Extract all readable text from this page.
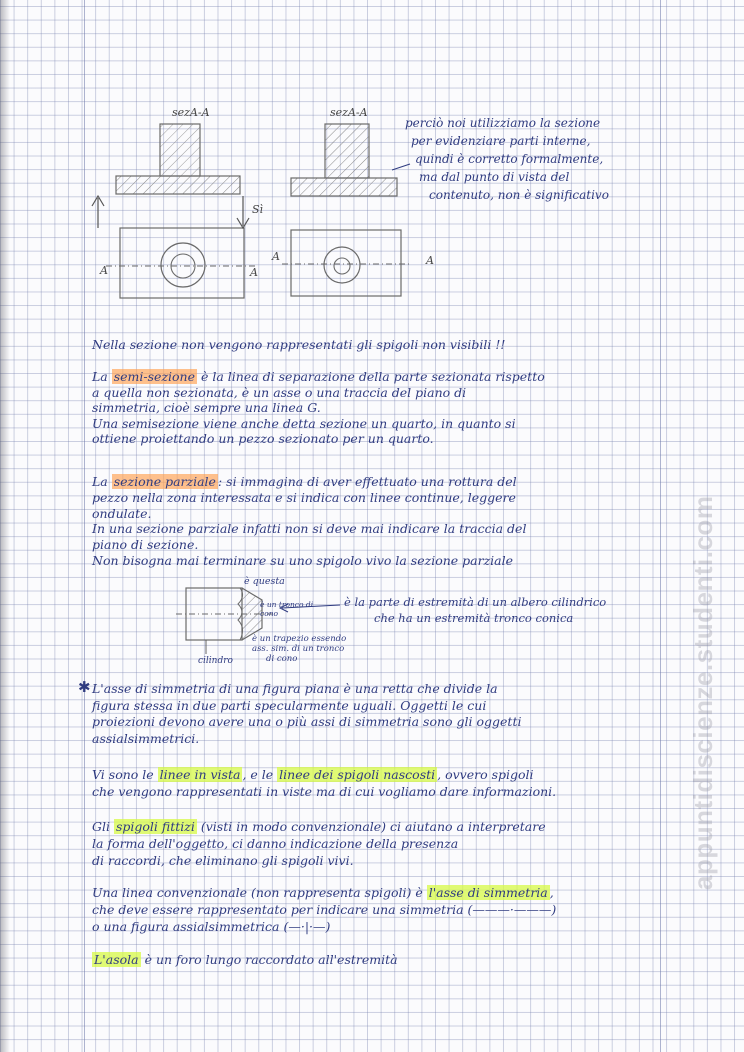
sezA-A	sezA-A
Sì
A	A
A	A
perciò noi utilizziamo la sezione
per evidenziare parti interne,
quindi è corretto formalmente,
ma dal punto di vista del
contenuto, non è significativo

Nella sezione non vengono rappresentati gli spigoli non visibili !!

La semi-sezione è la linea di separazione della parte sezionata rispetto
a quella non sezionata, è un asse o una traccia del piano di
simmetria, cioè sempre una linea G.
Una semisezione viene anche detta sezione un quarto, in quanto si
ottiene proiettando un pezzo sezionato per un quarto.
La sezione parziale : si immagina di aver effettuato una rottura del
pezzo nella zona interessata e si indica con linee continue, leggere
ondulate.
In una sezione parziale infatti non si deve mai indicare la traccia del
piano di sezione.
Non bisogna mai terminare su uno spigolo vivo la sezione parziale
è questa
è un tronco di cono
cilindro
è un trapezio essendo
ass. sim. di un tronco
di cono
è la parte di estremità di un albero cilindrico
che ha un estremità tronco conica
✱ L'asse di simmetria di una figura piana è una retta che divide la
figura stessa in due parti specularmente uguali. Oggetti le cui
proiezioni devono avere una o più assi di simmetria sono gli oggetti
assialsimmetrici.
Vi sono le linee in vista , e le linee dei spigoli nascosti , ovvero spigoli
che vengono rappresentati in viste ma di cui vogliamo dare informazioni.
Gli spigoli fittizi (visti in modo convenzionale) ci aiutano a interpretare
la forma dell'oggetto, ci danno indicazione della presenza
di raccordi, che eliminano gli spigoli vivi.
Una linea convenzionale (non rappresenta spigoli) è l'asse di simmetria ,
che deve essere rappresentato per indicare una simmetria (———·———)
o una figura assialsimmetrica (—·|·—)
L'asola è un foro lungo raccordato all'estremità
appuntidiscienze.studenti.com
